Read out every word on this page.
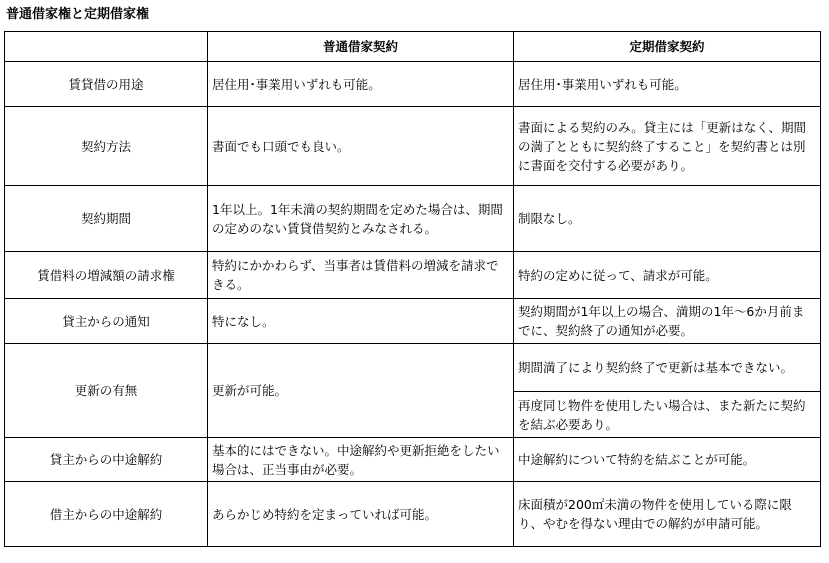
普通借家権と定期借家権
	普通借家契約	定期借家契約
賃貸借の用途	居住用･事業用いずれも可能。	居住用･事業用いずれも可能。
契約方法	書面でも口頭でも良い。	書面による契約のみ。貸主には「更新はなく、期間の満了とともに契約終了すること」を契約書とは別に書面を交付する必要があり。
契約期間	1年以上。1年未満の契約期間を定めた場合は、期間の定めのない賃貸借契約とみなされる。	制限なし。
賃借料の増減額の請求権	特約にかかわらず、当事者は賃借料の増減を請求できる。	特約の定めに従って、請求が可能。
貸主からの通知	特になし。	契約期間が1年以上の場合、満期の1年～6か月前までに、契約終了の通知が必要。
更新の有無	更新が可能。	期間満了により契約終了で更新は基本できない。
		再度同じ物件を使用したい場合は、また新たに契約を結ぶ必要あり。
貸主からの中途解約	基本的にはできない。中途解約や更新拒絶をしたい場合は、正当事由が必要。	中途解約について特約を結ぶことが可能。
借主からの中途解約	あらかじめ特約を定まっていれば可能。	床面積が200㎡未満の物件を使用している際に限り、やむを得ない理由での解約が申請可能。
